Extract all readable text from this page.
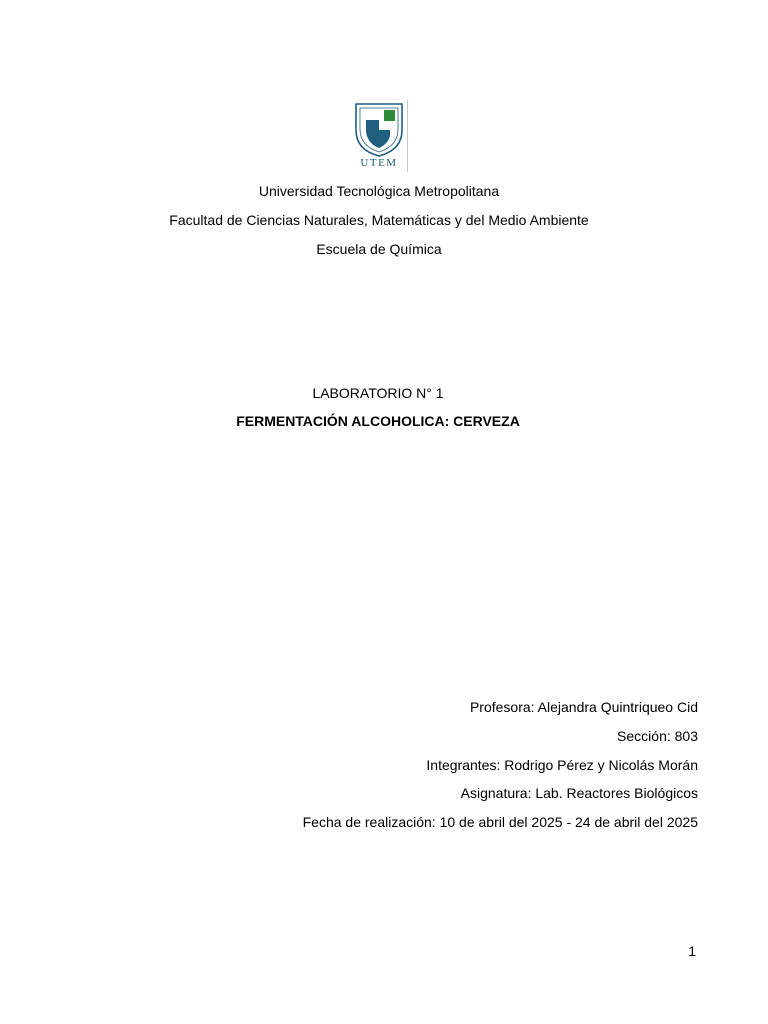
UTEM
Universidad Tecnológica Metropolitana
Facultad de Ciencias Naturales, Matemáticas y del Medio Ambiente
Escuela de Química
LABORATORIO N° 1
FERMENTACIÓN ALCOHOLICA: CERVEZA
Profesora: Alejandra Quintriqueo Cid
Sección: 803
Integrantes: Rodrigo Pérez y Nicolás Morán
Asignatura: Lab. Reactores Biológicos
Fecha de realización: 10 de abril del 2025 - 24 de abril del 2025
1
